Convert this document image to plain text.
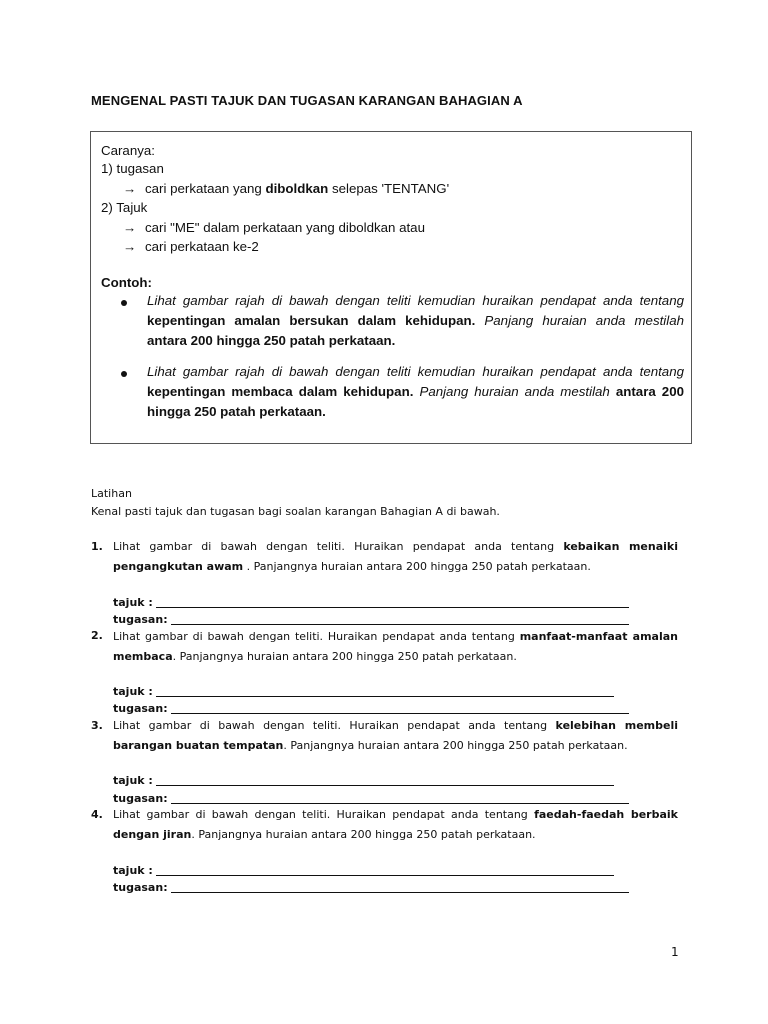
MENGENAL PASTI TAJUK DAN TUGASAN KARANGAN BAHAGIAN A
Caranya:
1) tugasan
→ cari perkataan yang diboldkan selepas 'TENTANG'
2) Tajuk
→ cari "ME" dalam perkataan yang diboldkan atau
→ cari perkataan ke-2
Contoh:
Lihat gambar rajah di bawah dengan teliti kemudian huraikan pendapat anda tentang kepentingan amalan bersukan dalam kehidupan. Panjang huraian anda mestilah antara 200 hingga 250 patah perkataan.
Lihat gambar rajah di bawah dengan teliti kemudian huraikan pendapat anda tentang kepentingan membaca dalam kehidupan. Panjang huraian anda mestilah antara 200 hingga 250 patah perkataan.
Latihan
Kenal pasti tajuk dan tugasan bagi soalan karangan Bahagian A di bawah.
1. Lihat gambar di bawah dengan teliti. Huraikan pendapat anda tentang kebaikan menaiki pengangkutan awam . Panjangnya huraian antara 200 hingga 250 patah perkataan.
tajuk :
tugasan:
2. Lihat gambar di bawah dengan teliti. Huraikan pendapat anda tentang manfaat-manfaat amalan membaca. Panjangnya huraian antara 200 hingga 250 patah perkataan.
tajuk :
tugasan:
3. Lihat gambar di bawah dengan teliti. Huraikan pendapat anda tentang kelebihan membeli barangan buatan tempatan. Panjangnya huraian antara 200 hingga 250 patah perkataan.
tajuk :
tugasan:
4. Lihat gambar di bawah dengan teliti. Huraikan pendapat anda tentang faedah-faedah berbaik dengan jiran. Panjangnya huraian antara 200 hingga 250 patah perkataan.
tajuk :
tugasan:
1
